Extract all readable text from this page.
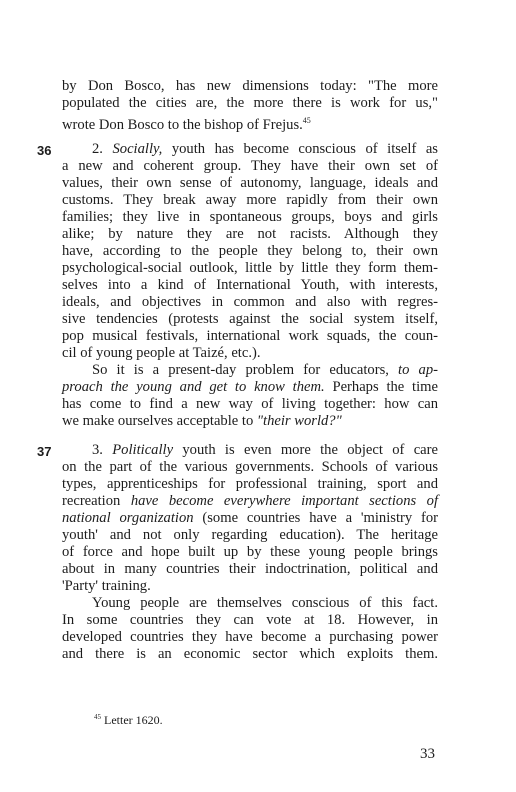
by Don Bosco, has new dimensions today: "The more
populated the cities are, the more there is work for us,"
wrote Don Bosco to the bishop of Frejus.$^{45}$
2. Socially, youth has become conscious of itself as
a new and coherent group. They have their own set of
values, their own sense of autonomy, language, ideals and
customs. They break away more rapidly from their own
families; they live in spontaneous groups, boys and girls
alike; by nature they are not racists. Although they
have, according to the people they belong to, their own
psychological-social outlook, little by little they form them-
selves into a kind of International Youth, with interests,
ideals, and objectives in common and also with regres-
sive tendencies (protests against the social system itself,
pop musical festivals, international work squads, the coun-
cil of young people at Taizé, etc.).
So it is a present-day problem for educators, to ap-
proach the young and get to know them. Perhaps the time
has come to find a new way of living together: how can
we make ourselves acceptable to "their world?"
3. Politically youth is even more the object of care
on the part of the various governments. Schools of various
types, apprenticeships for professional training, sport and
recreation have become everywhere important sections of
national organization (some countries have a 'ministry for
youth' and not only regarding education). The heritage
of force and hope built up by these young people brings
about in many countries their indoctrination, political and
'Party' training.
Young people are themselves conscious of this fact.
In some countries they can vote at 18. However, in
developed countries they have become a purchasing power
and there is an economic sector which exploits them.
36
37
$^{45}$ Letter 1620.
33
